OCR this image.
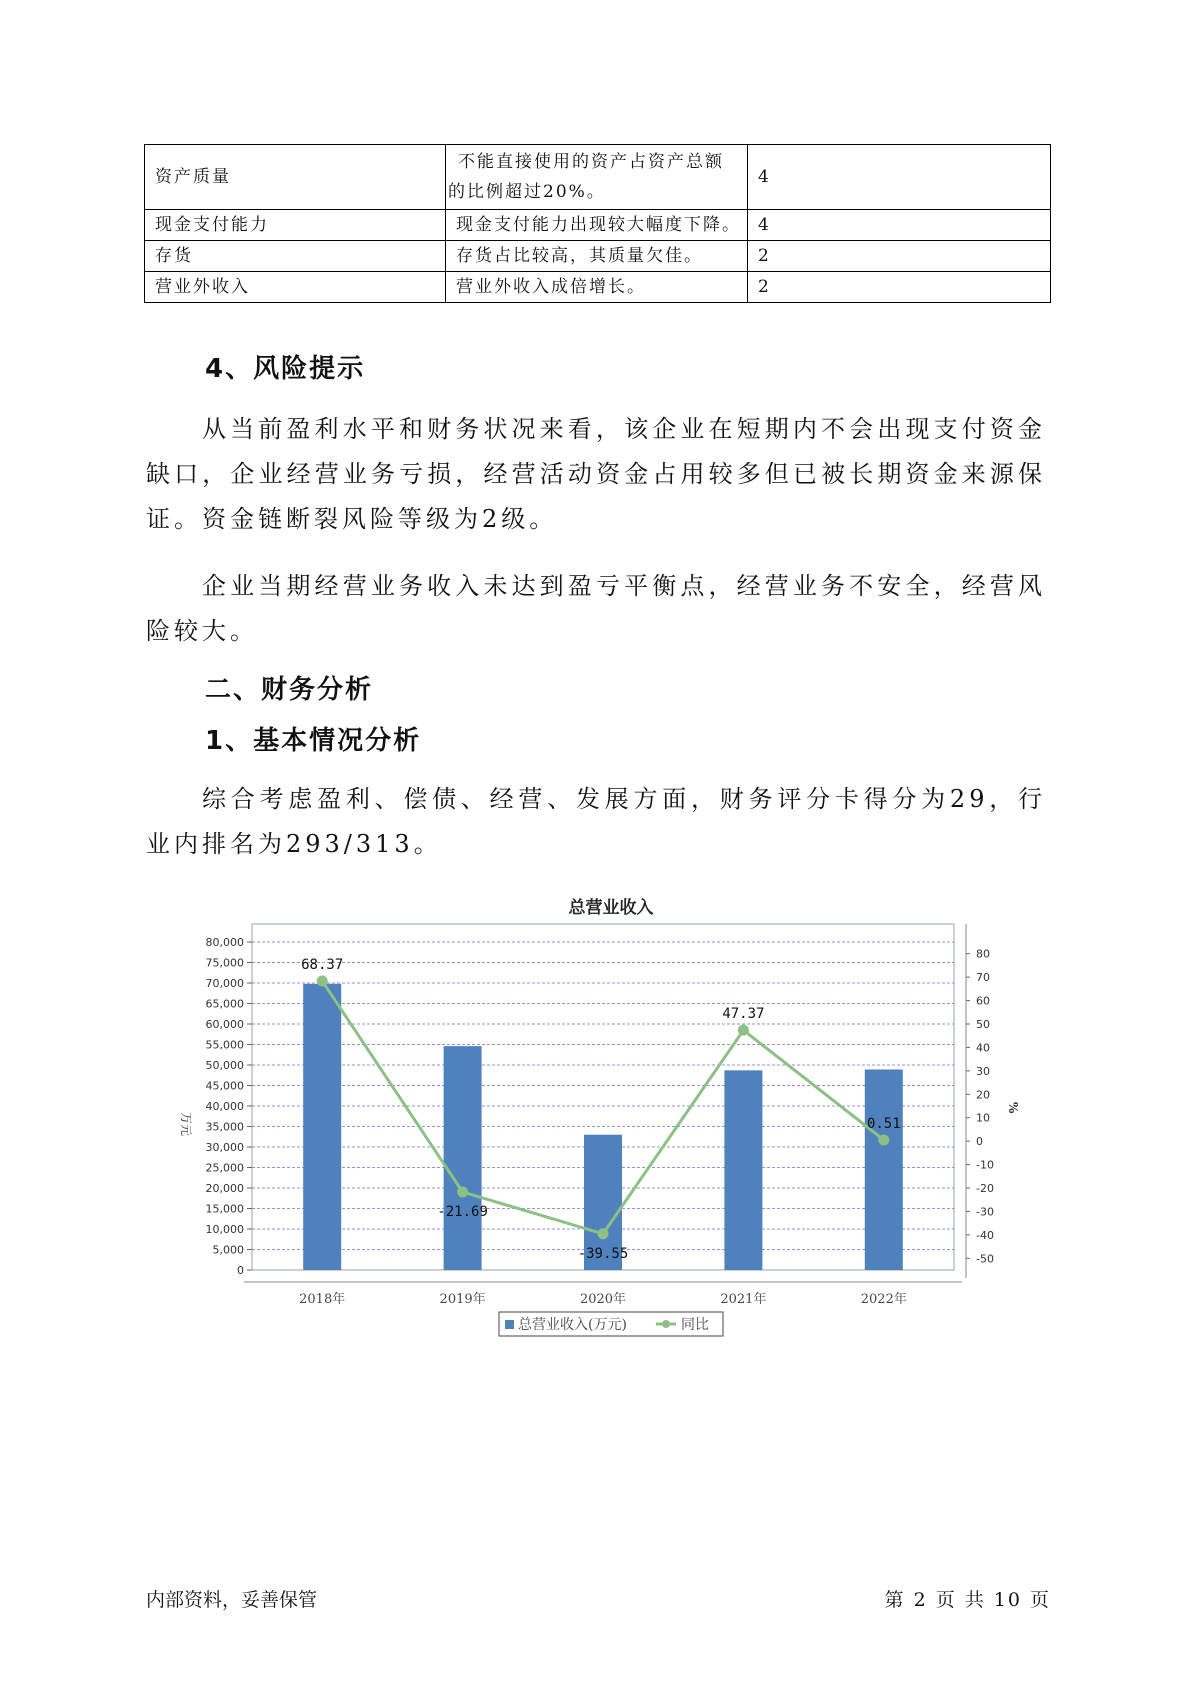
资产质量	不能直接使用的资产占资产总额的比例超过20%。	4
现金支付能力	现金支付能力出现较大幅度下降。	4
存货	存货占比较高，其质量欠佳。	2
营业外收入	营业外收入成倍增长。	2
4、风险提示

从当前盈利水平和财务状况来看，该企业在短期内不会出现支付资金缺口，企业经营业务亏损，经营活动资金占用较多但已被长期资金来源保证。资金链断裂风险等级为2级。

企业当期经营业务收入未达到盈亏平衡点，经营业务不安全，经营风险较大。

二、财务分析
1、基本情况分析

综合考虑盈利、偿债、经营、发展方面，财务评分卡得分为29，行业内排名为293/313。

总营业收入
0
5,000
10,000
15,000
20,000
25,000
30,000
35,000
40,000
45,000
50,000
55,000
60,000
65,000
70,000
75,000
80,000
-50
-40
-30
-20
-10
0
10
20
30
40
50
60
70
80
万元
%
2018年	2019年	2020年	2021年	2022年
68.37
-21.69
-39.55
47.37
0.51
总营业收入(万元)	同比
内部资料，妥善保管	第 2 页 共 10 页
